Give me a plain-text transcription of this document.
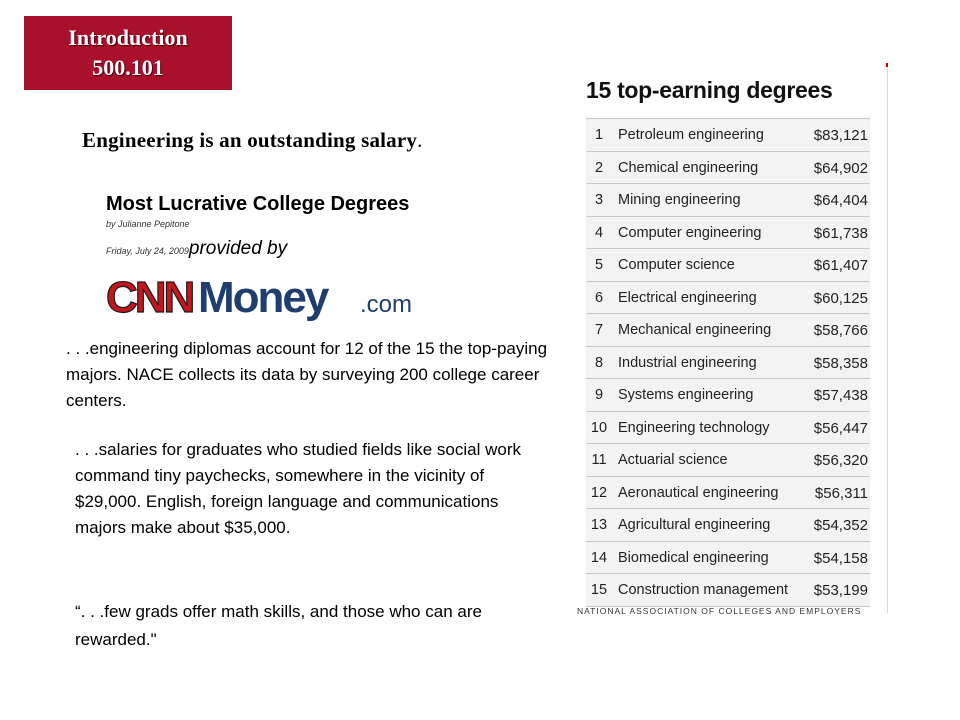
Introduction
500.101
Engineering is an outstanding salary.
Most Lucrative College Degrees
by Julianne Pepitone
Friday, July 24, 2009provided by
CNN Money .com
. . .engineering diplomas account for 12 of the 15 the top-paying majors. NACE collects its data by surveying 200 college career centers.
. . .salaries for graduates who studied fields like social work command tiny paychecks, somewhere in the vicinity of $29,000. English, foreign language and communications majors make about $35,000.
“. . .few grads offer math skills, and those who can are rewarded."
15 top-earning degrees
1	Petroleum engineering	$83,121
2	Chemical engineering	$64,902
3	Mining engineering	$64,404
4	Computer engineering	$61,738
5	Computer science	$61,407
6	Electrical engineering	$60,125
7	Mechanical engineering	$58,766
8	Industrial engineering	$58,358
9	Systems engineering	$57,438
10 Engineering technology	$56,447
11 Actuarial science	$56,320
12 Aeronautical engineering $56,311
13 Agricultural engineering	$54,352
14 Biomedical engineering	$54,158
15 Construction management $53,199
NATIONAL ASSOCIATION OF COLLEGES AND EMPLOYERS
